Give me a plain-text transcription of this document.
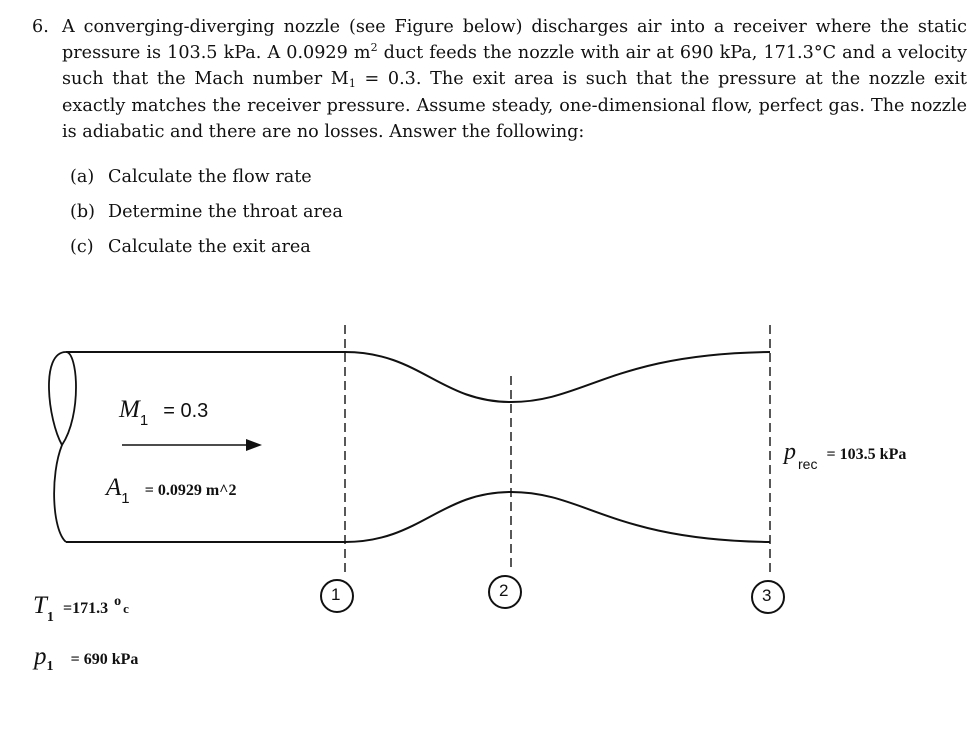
6. A converging-diverging nozzle (see Figure below) discharges air into a receiver where the static pressure is 103.5 kPa. A 0.0929 $m^2$ duct feeds the nozzle with air at 690 kPa, 171.3°C and a velocity such that the Mach number $M_1 = 0.3$. The exit area is such that the pressure at the nozzle exit exactly matches the receiver pressure. Assume steady, one-dimensional flow, perfect gas. The nozzle is adiabatic and there are no losses. Answer the following:
(a) Calculate the flow rate
(b) Determine the throat area
(c) Calculate the exit area
1	2	3
M1 = 0.3
A1 = 0.0929 m^2
prec = 103.5 kPa
T1 =171.3 o c
p1 = 690 kPa
